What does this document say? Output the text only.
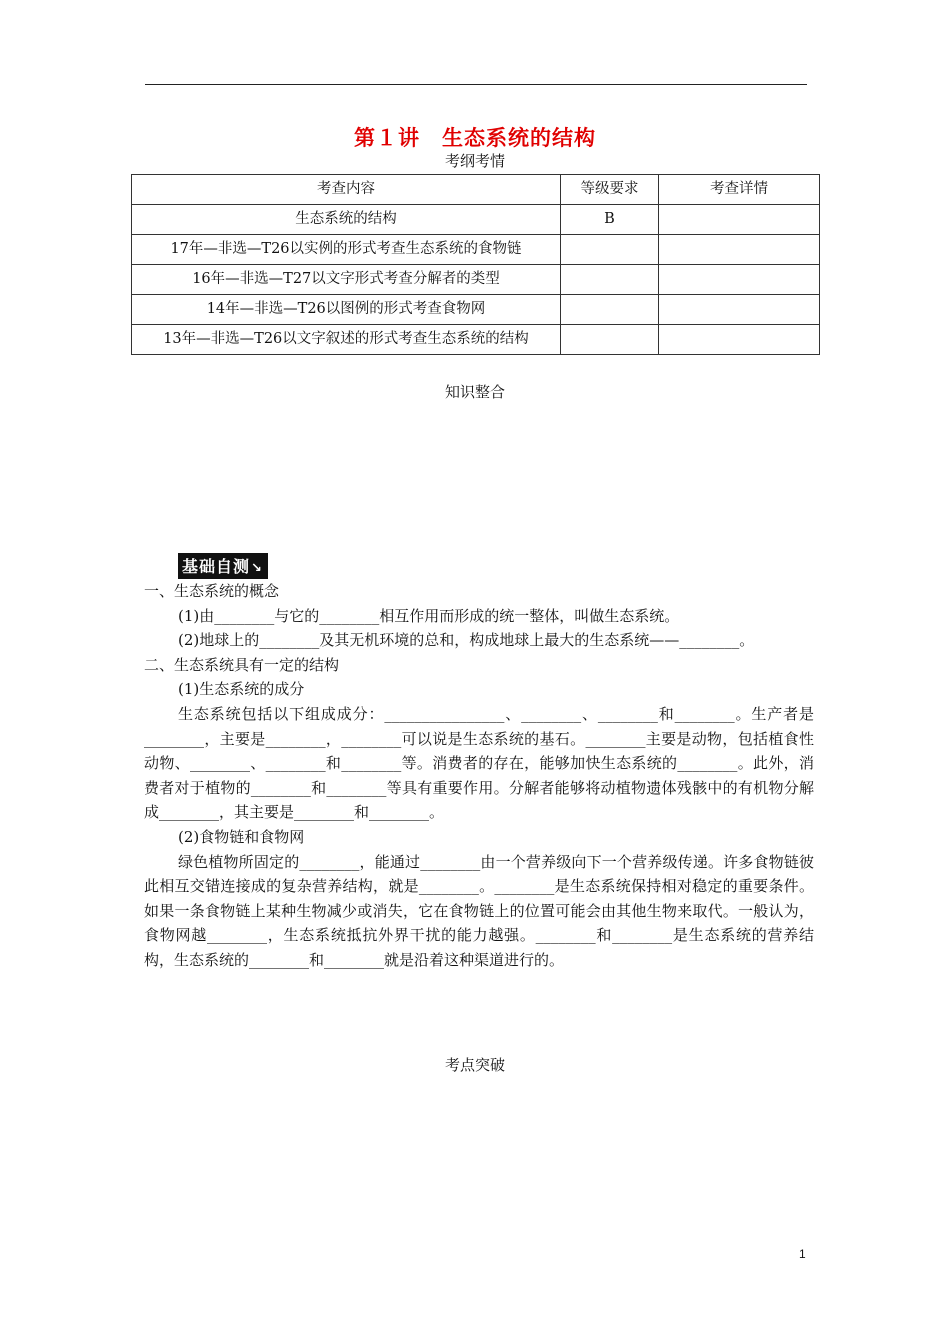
第１讲　生态系统的结构
考纲考情
考查内容	等级要求	考查详情
生态系统的结构	B	
17年—非选—T26以实例的形式考查生态系统的食物链		
16年—非选—T27以文字形式考查分解者的类型		
14年—非选—T26以图例的形式考查食物网		
13年—非选—T26以文字叙述的形式考查生态系统的结构		
知识整合
基础自测↘

一、生态系统的概念

(1)由________与它的________相互作用而形成的统一整体，叫做生态系统。

(2)地球上的________及其无机环境的总和，构成地球上最大的生态系统——________。

二、生态系统具有一定的结构

(1)生态系统的成分

生态系统包括以下组成成分：________________、________、________和________。生产者是________，主要是________，________可以说是生态系统的基石。________主要是动物，包括植食性动物、________、________和________等。消费者的存在，能够加快生态系统的________。此外，消费者对于植物的________和________等具有重要作用。分解者能够将动植物遗体残骸中的有机物分解成________，其主要是________和________。

(2)食物链和食物网

绿色植物所固定的________，能通过________由一个营养级向下一个营养级传递。许多食物链彼此相互交错连接成的复杂营养结构，就是________。________是生态系统保持相对稳定的重要条件。如果一条食物链上某种生物减少或消失，它在食物链上的位置可能会由其他生物来取代。一般认为，食物网越________，生态系统抵抗外界干扰的能力越强。________和________是生态系统的营养结构，生态系统的________和________就是沿着这种渠道进行的。

考点突破
1
